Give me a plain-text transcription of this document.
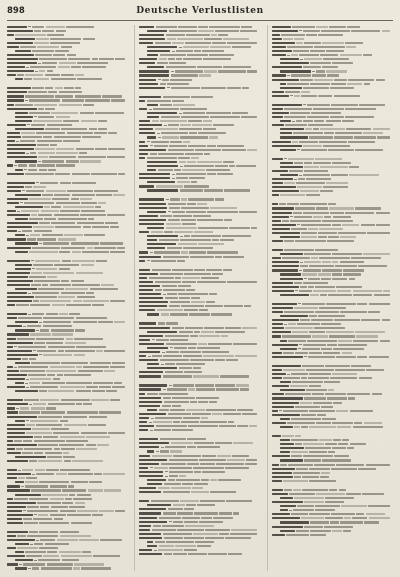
898	Deutsche Verlustlisten
